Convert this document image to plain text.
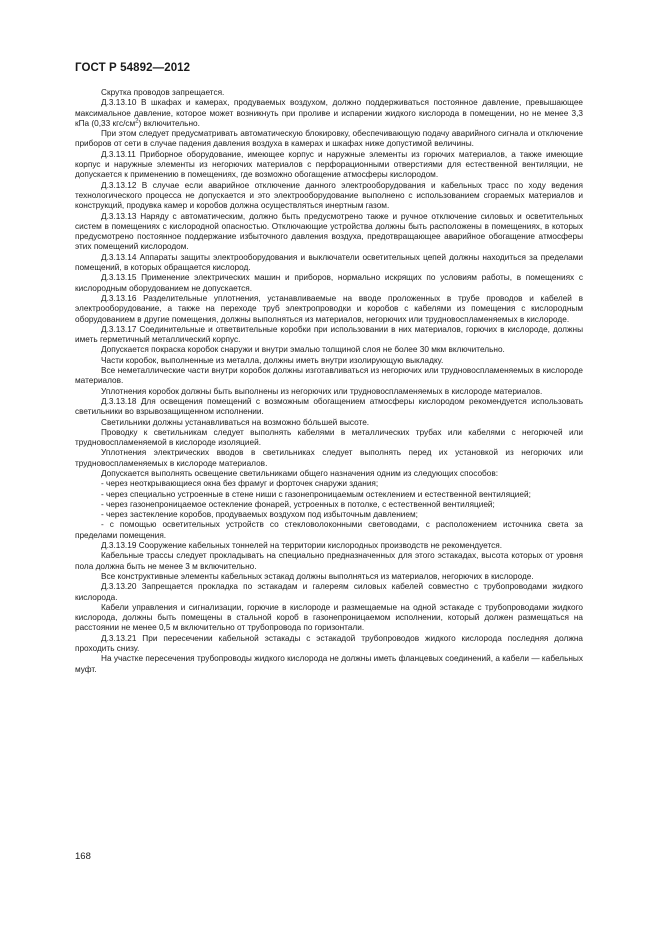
ГОСТ Р 54892—2012

Скрутка проводов запрещается.

Д.3.13.10 В шкафах и камерах, продуваемых воздухом, должно поддерживаться постоянное давление, превышающее максимальное давление, которое может возникнуть при проливе и испарении жидкого кислорода в помещении, но не менее 3,3 кПа (0,33 кгс/$см^2$) включительно.

При этом следует предусматривать автоматическую блокировку, обеспечивающую подачу аварийного сигнала и отключение приборов от сети в случае падения давления воздуха в камерах и шкафах ниже допустимой величины.

Д.3.13.11 Приборное оборудование, имеющее корпус и наружные элементы из горючих материалов, а также имеющие корпус и наружные элементы из негорючих материалов с перфорационными отверстиями для естественной вентиляции, не допускается к применению в помещениях, где возможно обогащение атмосферы кислородом.

Д.3.13.12 В случае если аварийное отключение данного электрооборудования и кабельных трасс по ходу ведения технологического процесса не допускается и это электрооборудование выполнено с использованием сгораемых материалов и конструкций, продувка камер и коробов должна осуществляться инертным газом.

Д.3.13.13 Наряду с автоматическим, должно быть предусмотрено также и ручное отключение силовых и осветительных систем в помещениях с кислородной опасностью. Отключающие устройства должны быть расположены в помещениях, в которых предусмотрено постоянное поддержание избыточного давления воздуха, предотвращающее аварийное обогащение атмосферы этих помещений кислородом.

Д.3.13.14 Аппараты защиты электрооборудования и выключатели осветительных цепей должны находиться за пределами помещений, в которых обращается кислород.

Д.3.13.15 Применение электрических машин и приборов, нормально искрящих по условиям работы, в помещениях с кислородным оборудованием не допускается.

Д.3.13.16 Разделительные уплотнения, устанавливаемые на вводе проложенных в трубе проводов и кабелей в электрооборудование, а также на переходе труб электропроводки и коробов с кабелями из помещения с кислородным оборудованием в другие помещения, должны выполняться из материалов, негорючих или трудновоспламеняемых в кислороде.

Д.3.13.17 Соединительные и ответвительные коробки при использовании в них материалов, горючих в кислороде, должны иметь герметичный металлический корпус.

Допускается покраска коробок снаружи и внутри эмалью толщиной слоя не более 30 мкм включительно.

Части коробок, выполненные из металла, должны иметь внутри изолирующую выкладку.

Все неметаллические части внутри коробок должны изготавливаться из негорючих или трудновоспламеняемых в кислороде материалов.

Уплотнения коробок должны быть выполнены из негорючих или трудновоспламеняемых в кислороде материалов.

Д.3.13.18 Для освещения помещений с возможным обогащением атмосферы кислородом рекомендуется использовать светильники во взрывозащищенном исполнении.

Светильники должны устанавливаться на возможно бóльшей высоте.

Проводку к светильникам следует выполнять кабелями в металлических трубах или кабелями с негорючей или трудновоспламеняемой в кислороде изоляцией.

Уплотнения электрических вводов в светильниках следует выполнять перед их установкой из негорючих или трудновоспламеняемых в кислороде материалов.

Допускается выполнять освещение светильниками общего назначения одним из следующих способов:

- через неоткрывающиеся окна без фрамуг и форточек снаружи здания;

- через специально устроенные в стене ниши с газонепроницаемым остеклением и естественной вентиляцией;

- через газонепроницаемое остекление фонарей, устроенных в потолке, с естественной вентиляцией;

- через застекление коробов, продуваемых воздухом под избыточным давлением;

- с помощью осветительных устройств со стекловолоконными световодами, с расположением источника света за пределами помещения.

Д.3.13.19 Сооружение кабельных тоннелей на территории кислородных производств не рекомендуется.

Кабельные трассы следует прокладывать на специально предназначенных для этого эстакадах, высота которых от уровня пола должна быть не менее 3 м включительно.

Все конструктивные элементы кабельных эстакад должны выполняться из материалов, негорючих в кислороде.

Д.3.13.20 Запрещается прокладка по эстакадам и галереям силовых кабелей совместно с трубопроводами жидкого кислорода.

Кабели управления и сигнализации, горючие в кислороде и размещаемые на одной эстакаде с трубопроводами жидкого кислорода, должны быть помещены в стальной короб в газонепроницаемом исполнении, который должен размещаться на расстоянии не менее 0,5 м включительно от трубопровода по горизонтали.

Д.3.13.21 При пересечении кабельной эстакады с эстакадой трубопроводов жидкого кислорода последняя должна проходить снизу.

На участке пересечения трубопроводы жидкого кислорода не должны иметь фланцевых соединений, а кабели — кабельных муфт.

168
